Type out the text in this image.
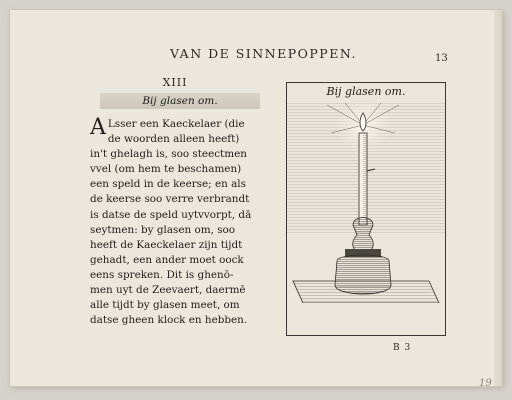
VAN DE SINNEPOPPEN.	13
XIII
Bij glasen om.
A Lsser een Kaeckelaer (die
de woorden alleen heeft)
in't ghelagh is, soo steectmen
vvel (om hem te beschamen)
een speld in de keerse; en als
de keerse soo verre verbrandt
is datse de speld uytvvorpt, dā
seytmen: by glasen om, soo
heeft de Kaeckelaer zijn tijdt
gehadt, een ander moet oock
eens spreken. Dit is ghenō-
men uyt de Zeevaert, daermē
alle tijdt by glasen meet, om
datse gheen klock en hebben.
Bij glasen om.
B 3
19
